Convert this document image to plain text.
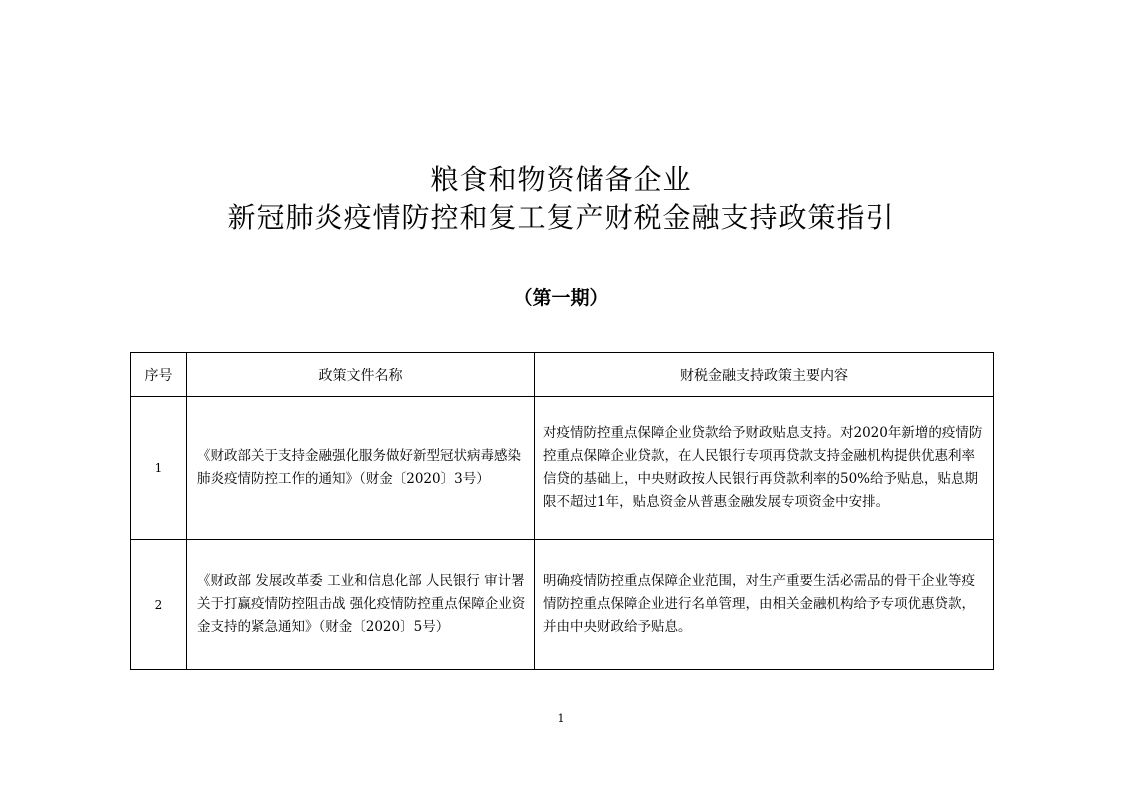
粮食和物资储备企业
新冠肺炎疫情防控和复工复产财税金融支持政策指引
（第一期）
序号	政策文件名称	财税金融支持政策主要内容
1	《财政部关于支持金融强化服务做好新型冠状病毒感染肺炎疫情防控工作的通知》（财金〔2020〕3号）	对疫情防控重点保障企业贷款给予财政贴息支持。对2020年新增的疫情防控重点保障企业贷款，在人民银行专项再贷款支持金融机构提供优惠利率信贷的基础上，中央财政按人民银行再贷款利率的50%给予贴息，贴息期限不超过1年，贴息资金从普惠金融发展专项资金中安排。
2	《财政部 发展改革委 工业和信息化部 人民银行 审计署关于打赢疫情防控阻击战 强化疫情防控重点保障企业资金支持的紧急通知》（财金〔2020〕5号）	明确疫情防控重点保障企业范围，对生产重要生活必需品的骨干企业等疫情防控重点保障企业进行名单管理，由相关金融机构给予专项优惠贷款，并由中央财政给予贴息。
1
